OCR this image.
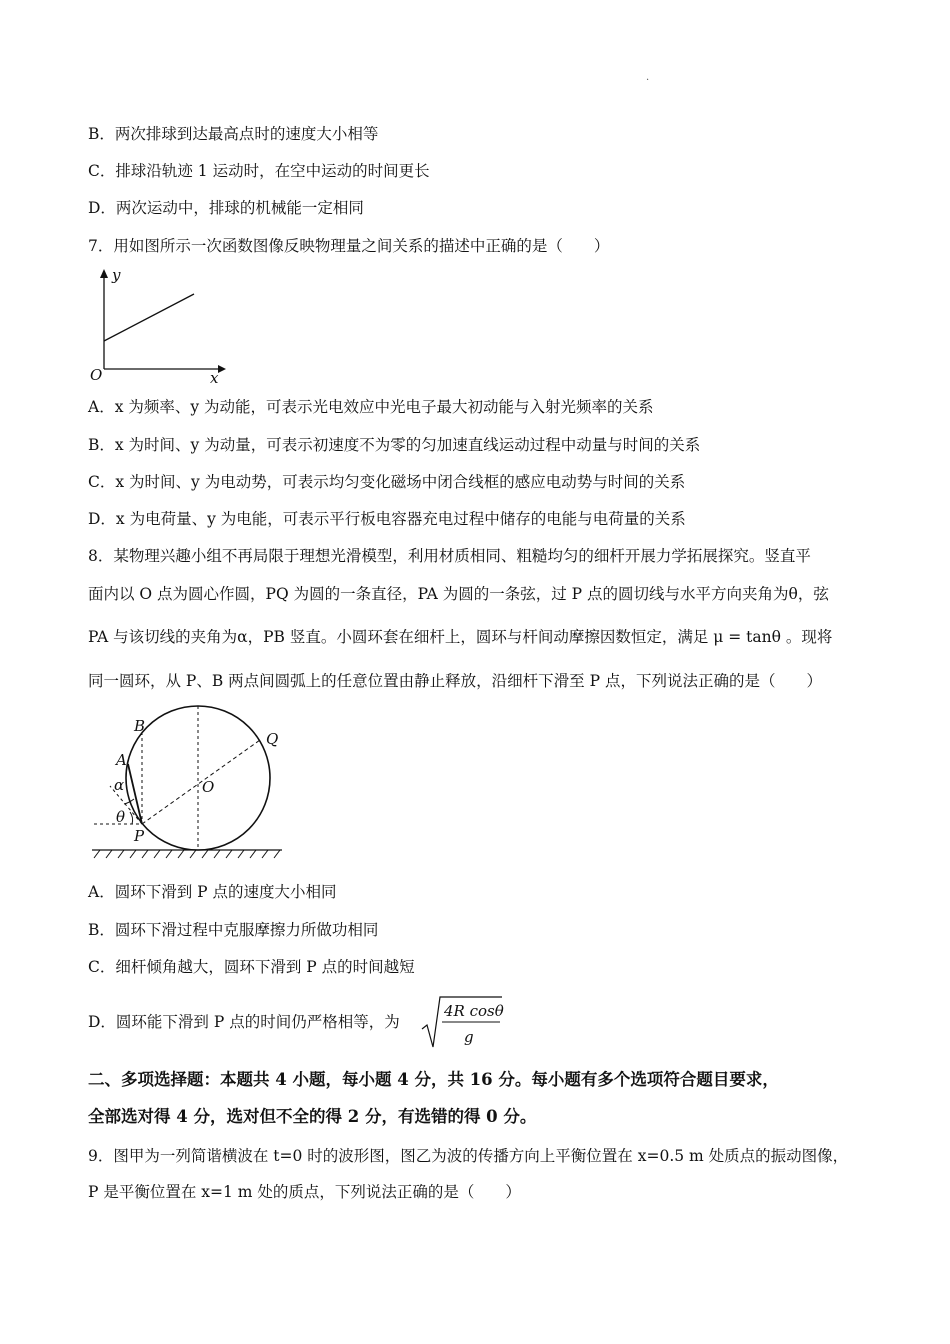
.
B．两次排球到达最高点时的速度大小相等
C．排球沿轨迹 1 运动时，在空中运动的时间更长
D．两次运动中，排球的机械能一定相同
7．用如图所示一次函数图像反映物理量之间关系的描述中正确的是（　　）
y
O	x
A．x 为频率、y 为动能，可表示光电效应中光电子最大初动能与入射光频率的关系
B．x 为时间、y 为动量，可表示初速度不为零的匀加速直线运动过程中动量与时间的关系
C．x 为时间、y 为电动势，可表示均匀变化磁场中闭合线框的感应电动势与时间的关系
D．x 为电荷量、y 为电能，可表示平行板电容器充电过程中储存的电能与电荷量的关系
8．某物理兴趣小组不再局限于理想光滑模型，利用材质相同、粗糙均匀的细杆开展力学拓展探究。竖直平
面内以 O 点为圆心作圆，PQ 为圆的一条直径，PA 为圆的一条弦，过 P 点的圆切线与水平方向夹角为θ，弦
PA 与该切线的夹角为α，PB 竖直。小圆环套在细杆上，圆环与杆间动摩擦因数恒定，满足 μ = tanθ 。现将
同一圆环，从 P、B 两点间圆弧上的任意位置由静止释放，沿细杆下滑至 P 点，下列说法正确的是（　　）
B
Q
A
α	O
θ
P
A．圆环下滑到 P 点的速度大小相同
B．圆环下滑过程中克服摩擦力所做功相同
C．细杆倾角越大，圆环下滑到 P 点的时间越短
D．圆环能下滑到 P 点的时间仍严格相等，为
4R cosθ
g
二、多项选择题：本题共 4 小题，每小题 4 分，共 16 分。每小题有多个选项符合题目要求，
全部选对得 4 分，选对但不全的得 2 分，有选错的得 0 分。
9．图甲为一列简谐横波在 t=0 时的波形图，图乙为波的传播方向上平衡位置在 x=0.5 m 处质点的振动图像，
P 是平衡位置在 x=1 m 处的质点，下列说法正确的是（　　）
